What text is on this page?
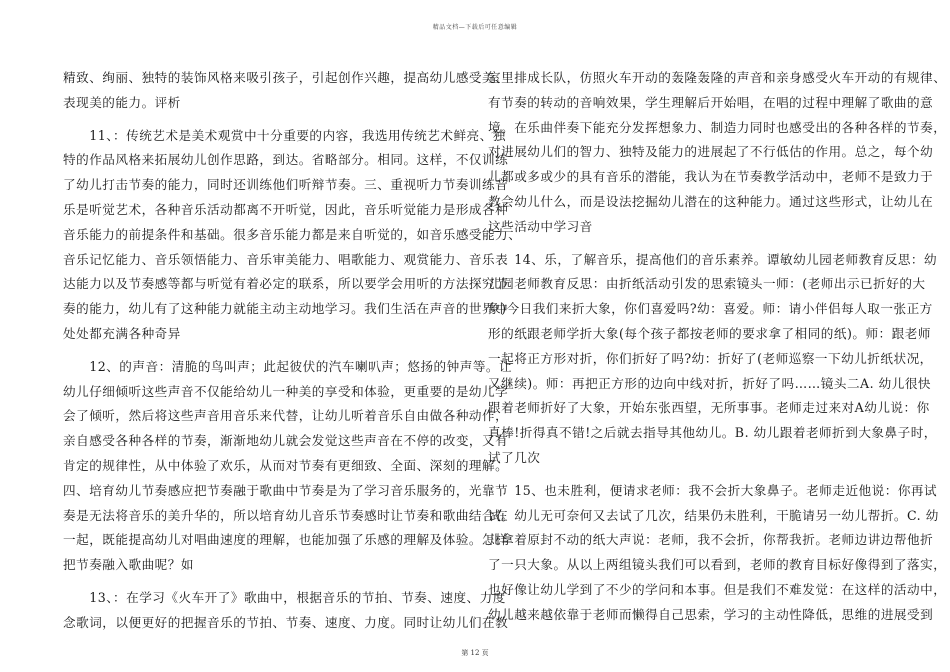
精品文档—下载后可任意编辑
精致、绚丽、独特的装饰风格来吸引孩子，引起创作兴趣，提高幼儿感受美、
表现美的能力。评析
　　11、：传统艺术是美术观赏中十分重要的内容，我选用传统艺术鲜亮、独
特的作品风格来拓展幼儿创作思路，到达。省略部分。相同。这样，不仅训练
了幼儿打击节奏的能力，同时还训练他们听辩节奏。三、重视听力节奏训练音
乐是听觉艺术，各种音乐活动都离不开听觉，因此，音乐听觉能力是形成各种
音乐能力的前提条件和基础。很多音乐能力都是来自听觉的，如音乐感受能力、
音乐记忆能力、音乐领悟能力、音乐审美能力、唱歌能力、观赏能力、音乐表
达能力以及节奏感等都与听觉有着必定的联系，所以要学会用听的方法探究节
奏的能力，幼儿有了这种能力就能主动主动地学习。我们生活在声音的世界中
处处都充满各种奇异
　　12、的声音：清脆的鸟叫声；此起彼伏的汽车喇叭声；悠扬的钟声等。让
幼儿仔细倾听这些声音不仅能给幼儿一种美的享受和体验，更重要的是幼儿学
会了倾听，然后将这些声音用音乐来代替，让幼儿听着音乐自由做各种动作，
亲自感受各种各样的节奏，渐渐地幼儿就会发觉这些声音在不停的改变，又有
肯定的规律性，从中体验了欢乐，从而对节奏有更细致、全面、深刻的理解。
四、培育幼儿节奏感应把节奏融于歌曲中节奏是为了学习音乐服务的，光靠节
奏是无法将音乐的美升华的，所以培育幼儿音乐节奏感时让节奏和歌曲结合在
一起，既能提高幼儿对唱曲速度的理解，也能加强了乐感的理解及体验。怎样
把节奏融入歌曲呢？如
　　13、：在学习《火车开了》歌曲中，根据音乐的节拍、节奏、速度、力度
念歌词，以便更好的把握音乐的节拍、节奏、速度、力度。同时让幼儿们在教
室里排成长队，仿照火车开动的轰隆轰隆的声音和亲身感受火车开动的有规律、
有节奏的转动的音响效果，学生理解后开始唱，在唱的过程中理解了歌曲的意
境。在乐曲伴奏下能充分发挥想象力、制造力同时也感受出的各种各样的节奏，
对进展幼儿们的智力、独特及能力的进展起了不行低估的作用。总之，每个幼
儿都或多或少的具有音乐的潜能，我认为在节奏教学活动中，老师不是致力于
教会幼儿什么，而是设法挖掘幼儿潜在的这种能力。通过这些形式，让幼儿在
这些活动中学习音
　　14、乐，了解音乐，提高他们的音乐素养。谭敏幼儿园老师教育反思：幼
儿园老师教育反思：由折纸活动引发的思索镜头一师：(老师出示已折好的大
象)今日我们来折大象，你们喜爱吗?幼：喜爱。师：请小伴侣每人取一张正方
形的纸跟老师学折大象(每个孩子都按老师的要求拿了相同的纸)。师：跟老师
一起将正方形对折，你们折好了吗?幼：折好了(老师巡察一下幼儿折纸状况，
又继续)。师：再把正方形的边向中线对折，折好了吗……镜头二A. 幼儿很快
跟着老师折好了大象，开始东张西望，无所事事。老师走过来对A幼儿说：你
真棒!折得真不错!之后就去指导其他幼儿。B. 幼儿跟着老师折到大象鼻子时，
试了几次
　　15、也未胜利，便请求老师：我不会折大象鼻子。老师走近他说：你再试
试。幼儿无可奈何又去试了几次，结果仍未胜利，干脆请另一幼儿帮折。C. 幼
儿拿着原封不动的纸大声说：老师，我不会折，你帮我折。老师边讲边帮他折
了一只大象。从以上两组镜头我们可以看到，老师的教育目标好像得到了落实，
也好像让幼儿学到了不少的学问和本事。但是我们不难发觉：在这样的活动中，
幼儿越来越依靠于老师而懒得自己思索，学习的主动性降低，思维的进展受到
第 12 页
